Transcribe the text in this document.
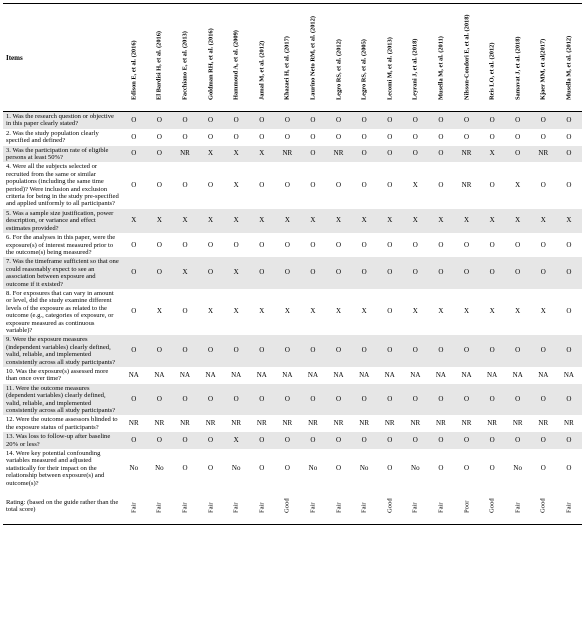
Items	Edison E, et al. (2016)	El Bardisi H, et al. (2016)	Facchiano E, et al. (2013)	Goldman RH, et al. (2016)	Hammoud A, et al. (2009)	Jamal M, et al. (2012)	Khazaei H, et al. (2017)	Laurino Neto RM, et al. (2012)	Legro RS, et al. (2012)	Legro RS, et al. (2005)	Lecomi M, et al. (2013)	Leyrani J, et al. (2018)	Musella M, et al. (2011)	Nilsson-Condori E, et al. (2018)	Reis LO, et al. (2012)	Samavat J, et al. (2018)	Kjaer MM, et al(2017)	Musella M, et al. (2012)

1. Was the research question or objective in this paper clearly stated?	O	O	O	O	O	O	O	O	O	O	O	O	O	O	O	O	O	O
2. Was the study population clearly specified and defined?	O	O	O	O	O	O	O	O	O	O	O	O	O	O	O	O	O	O
3. Was the participation rate of eligible persons at least 50%?	O	O	NR	X	X	X	NR	O	NR	O	O	O	O	NR	X	O	NR	O
4. Were all the subjects selected or recruited from the same or similar populations (including the same time period)? Were inclusion and exclusion criteria for being in the study pre-specified and applied uniformly to all participants?	O	O	O	O	X	O	O	O	O	O	O	X	O	NR	O	X	O	O
5. Was a sample size justification, power description, or variance and effect estimates provided?	X	X	X	X	X	X	X	X	X	X	X	X	X	X	X	X	X	X
6. For the analyses in this paper, were the exposure(s) of interest measured prior to the outcome(s) being measured?	O	O	O	O	O	O	O	O	O	O	O	O	O	O	O	O	O	O
7. Was the timeframe sufficient so that one could reasonably expect to see an association between exposure and outcome if it existed?	O	O	X	O	X	O	O	O	O	O	O	O	O	O	O	O	O	O
8. For exposures that can vary in amount or level, did the study examine different levels of the exposure as related to the outcome (e.g., categories of exposure, or exposure measured as continuous variable)?	O	X	O	X	X	X	X	X	X	X	O	X	X	X	X	X	X	O
9. Were the exposure measures (independent variables) clearly defined, valid, reliable, and implemented consistently across all study participants?	O	O	O	O	O	O	O	O	O	O	O	O	O	O	O	O	O	O
10. Was the exposure(s) assessed more than once over time?	NA	NA	NA	NA	NA	NA	NA	NA	NA	NA	NA	NA	NA	NA	NA	NA	NA	NA
11. Were the outcome measures (dependent variables) clearly defined, valid, reliable, and implemented consistently across all study participants?	O	O	O	O	O	O	O	O	O	O	O	O	O	O	O	O	O	O
12. Were the outcome assessors blinded to the exposure status of participants?	NR	NR	NR	NR	NR	NR	NR	NR	NR	NR	NR	NR	NR	NR	NR	NR	NR	NR
13. Was loss to follow-up after baseline 20% or less?	O	O	O	O	X	O	O	O	O	O	O	O	O	O	O	O	O	O
14. Were key potential confounding variables measured and adjusted statistically for their impact on the relationship between exposure(s) and outcome(s)?	No	No	O	O	No	O	O	No	O	No	O	No	O	O	O	No	O	O
Rating: (based on the guide rather than the total score)	Fair	Fair	Fair	Fair	Fair	Fair	Good	Fair	Fair	Fair	Good	Fair	Fair	Poor	Good	Fair	Good	Fair
